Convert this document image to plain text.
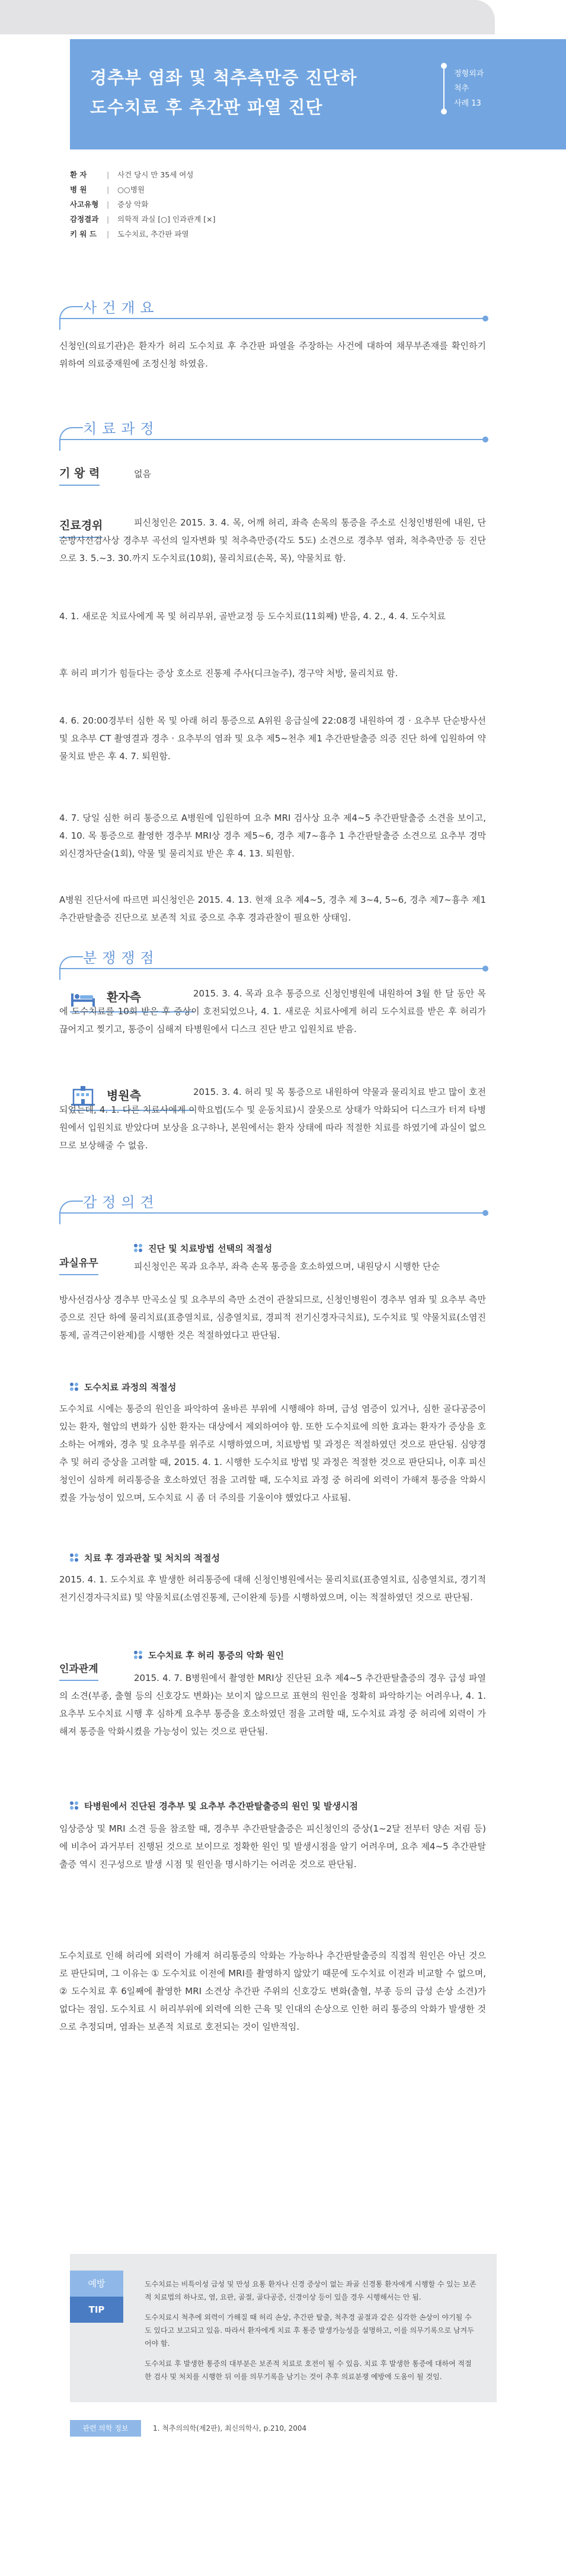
경추부 염좌 및 척추측만증 진단하
도수치료 후 추간판 파열 진단
정형외과
척추
사례 13
환 자	|	사건 당시 만 35세 여성
병 원	|	○○병원
사고유형	|	증상 악화
감정결과	|	의학적 과실 [○] 인과관계 [×]
키 워 드	|	도수치료, 추간판 파열
사건개요
신청인(의료기관)은 환자가 허리 도수치료 후 추간판 파열을 주장하는 사건에 대하여 채무부존재를 확인하기 위하여 의료중재원에 조정신청 하였음.
치료과정
기 왕 력	없음
진료경위	피신청인은 2015. 3. 4. 목, 어깨 허리, 좌측 손목의 통증을 주소로 신청인병원에 내원, 단순방사선검사상 경추부 곡선의 일자변화 및 척추측만증(각도 5도) 소견으로 경추부 염좌, 척추측만증 등 진단으로 3. 5.~3. 30.까지 도수치료(10회), 물리치료(손목, 목), 약물치료 함.
4. 1. 새로운 치료사에게 목 및 허리부위, 골반교정 등 도수치료(11회째) 받음, 4. 2., 4. 4. 도수치료
후 허리 펴기가 힘들다는 증상 호소로 진통제 주사(디크놀주), 경구약 처방, 물리치료 함.
4. 6. 20:00경부터 심한 목 및 아래 허리 통증으로 A위원 응급실에 22:08경 내원하여 경 · 요추부 단순방사선 및 요추부 CT 촬영결과 경추 · 요추부의 염좌 및 요추 제5~천추 제1 추간판탈출증 의증 진단 하에 입원하여 약물치료 받은 후 4. 7. 퇴원함.
4. 7. 당일 심한 허리 통증으로 A병원에 입원하여 요추 MRI 검사상 요추 제4~5 추간판탈출증 소견을 보이고, 4. 10. 목 통증으로 촬영한 경추부 MRI상 경추 제5~6, 경추 제7~흉추 1 추간판탈출증 소견으로 요추부 경막외신경차단술(1회), 약물 및 물리치료 받은 후 4. 13. 퇴원함.
A병원 진단서에 따르면 피신청인은 2015. 4. 13. 현재 요추 제4~5, 경추 제 3~4, 5~6, 경추 제7~흉추 제1 추간판탈출증 진단으로 보존적 치료 중으로 추후 경과관찰이 필요한 상태임.
분쟁쟁점
환자측	2015. 3. 4. 목과 요추 통증으로 신청인병원에 내원하여 3월 한 달 동안 목에 도수치료를 10회 받은 후 증상이 호전되었으나, 4. 1. 새로운 치료사에게 허리 도수치료를 받은 후 허리가 끊어지고 찢기고, 통증이 심해져 타병원에서 디스크 진단 받고 입원치료 받음.
병원측	2015. 3. 4. 허리 및 목 통증으로 내원하여 약물과 물리치료 받고 많이 호전되었는데, 4. 1. 다른 치료사에게 이학요법(도수 및 운동치료)시 잘못으로 상태가 악화되어 디스크가 터져 타병원에서 입원치료 받았다며 보상을 요구하나, 본원에서는 환자 상태에 따라 적절한 치료를 하였기에 과실이 없으므로 보상해줄 수 없음.
감정의견
과실유무
진단 및 치료방법 선택의 적절성
피신청인은 목과 요추부, 좌측 손목 통증을 호소하였으며, 내원당시 시행한 단순
방사선검사상 경추부 만곡소실 및 요추부의 측만 소견이 관찰되므로, 신청인병원이 경추부 염좌 및 요추부 측만증으로 진단 하에 물리치료(표층열치료, 심층열치료, 경피적 전기신경자극치료), 도수치료 및 약물치료(소염진통제, 골격근이완제)를 시행한 것은 적절하였다고 판단됨.
도수치료 과정의 적절성
도수치료 시에는 통증의 원인을 파악하여 올바른 부위에 시행해야 하며, 급성 염증이 있거나, 심한 골다공증이 있는 환자, 혈압의 변화가 심한 환자는 대상에서 제외하여야 함. 또한 도수치료에 의한 효과는 환자가 증상을 호소하는 어깨와, 경추 및 요추부를 위주로 시행하였으며, 치료방법 및 과정은 적절하였던 것으로 판단됨. 심양경추 및 허리 증상을 고려할 때, 2015. 4. 1. 시행한 도수치료 방법 및 과정은 적절한 것으로 판단되나, 이후 피신청인이 심하게 허리통증을 호소하였던 점을 고려할 때, 도수치료 과정 중 허리에 외력이 가해져 통증을 악화시켰을 가능성이 있으며, 도수치료 시 좀 더 주의를 기울이야 했었다고 사료됨.
치료 후 경과관찰 및 처치의 적절성
2015. 4. 1. 도수치료 후 발생한 허리통증에 대해 신청인병원에서는 물리치료(표층열치료, 심층열치료, 경기적 전기신경자극치료) 및 약물치료(소염진통제, 근이완제 등)를 시행하였으며, 이는 적절하였던 것으로 판단됨.
인과관계
도수치료 후 허리 통증의 악화 원인
2015. 4. 7. B병원에서 촬영한 MRI상 진단된 요추 제4~5 추간판탈출증의 경우 급성 파열의 소견(부종, 출혈 등의 신호강도 변화)는 보이지 않으므로 표현의 원인을 정확히 파악하기는 어려우나, 4. 1. 요추부 도수치료 시행 후 심하게 요추부 통증을 호소하였던 점을 고려할 때, 도수치료 과정 중 허리에 외력이 가해져 통증을 악화시켰을 가능성이 있는 것으로 판단됨.
타병원에서 진단된 경추부 및 요추부 추간판탈출증의 원인 및 발생시점
임상증상 및 MRI 소견 등을 참조할 때, 경추부 추간판탈출증은 피신청인의 증상(1~2달 전부터 양손 저림 등)에 비추어 과거부터 진행된 것으로 보이므로 정확한 원인 및 발생시점을 알기 어려우며, 요추 제4~5 추간판탈출증 역시 진구성으로 발생 시점 및 원인을 명시하기는 어려운 것으로 판단됨.
도수치료로 인해 허리에 외력이 가해져 허리통증의 악화는 가능하나 추간판탈출증의 직접적 원인은 아닌 것으로 판단되며, 그 이유는 ① 도수치료 이전에 MRI를 촬영하지 않았기 때문에 도수치료 이전과 비교할 수 없으며, ② 도수치료 후 6일째에 촬영한 MRI 소견상 추간판 주위의 신호강도 변화(출혈, 부종 등의 급성 손상 소견)가 없다는 점임. 도수치료 시 허리부위에 외력에 의한 근육 및 인대의 손상으로 인한 허리 통증의 악화가 발생한 것으로 추정되며, 염좌는 보존적 치료로 호전되는 것이 일반적임.
예방
TIP

도수치료는 비특이성 급성 및 만성 요통 환자나 신경 증상이 없는 좌골 신경통 환자에게 시행할 수 있는 보존적 치료법의 하나로, 염, 요판, 골절, 골다공증, 신경이상 등이 있을 경우 시행해서는 안 됨.

도수치료시 척추에 외력이 가해질 때 허리 손상, 추간판 탈출, 척추경 골절과 같은 심각한 손상이 야기될 수도 있다고 보고되고 있음. 따라서 환자에게 치료 후 통증 발생가능성을 설명하고, 이를 의무기록으로 남겨두어야 함.

도수치료 후 발생한 통증의 대부분은 보존적 치료로 호전이 될 수 있음. 치료 후 발생한 통증에 대하여 적절한 검사 및 처치를 시행한 뒤 이를 의무기록을 남기는 것이 추후 의료분쟁 예방에 도움이 될 것임.

관련 의학 정보	1. 척추의의학(제2판), 최신의학사, p.210, 2004
